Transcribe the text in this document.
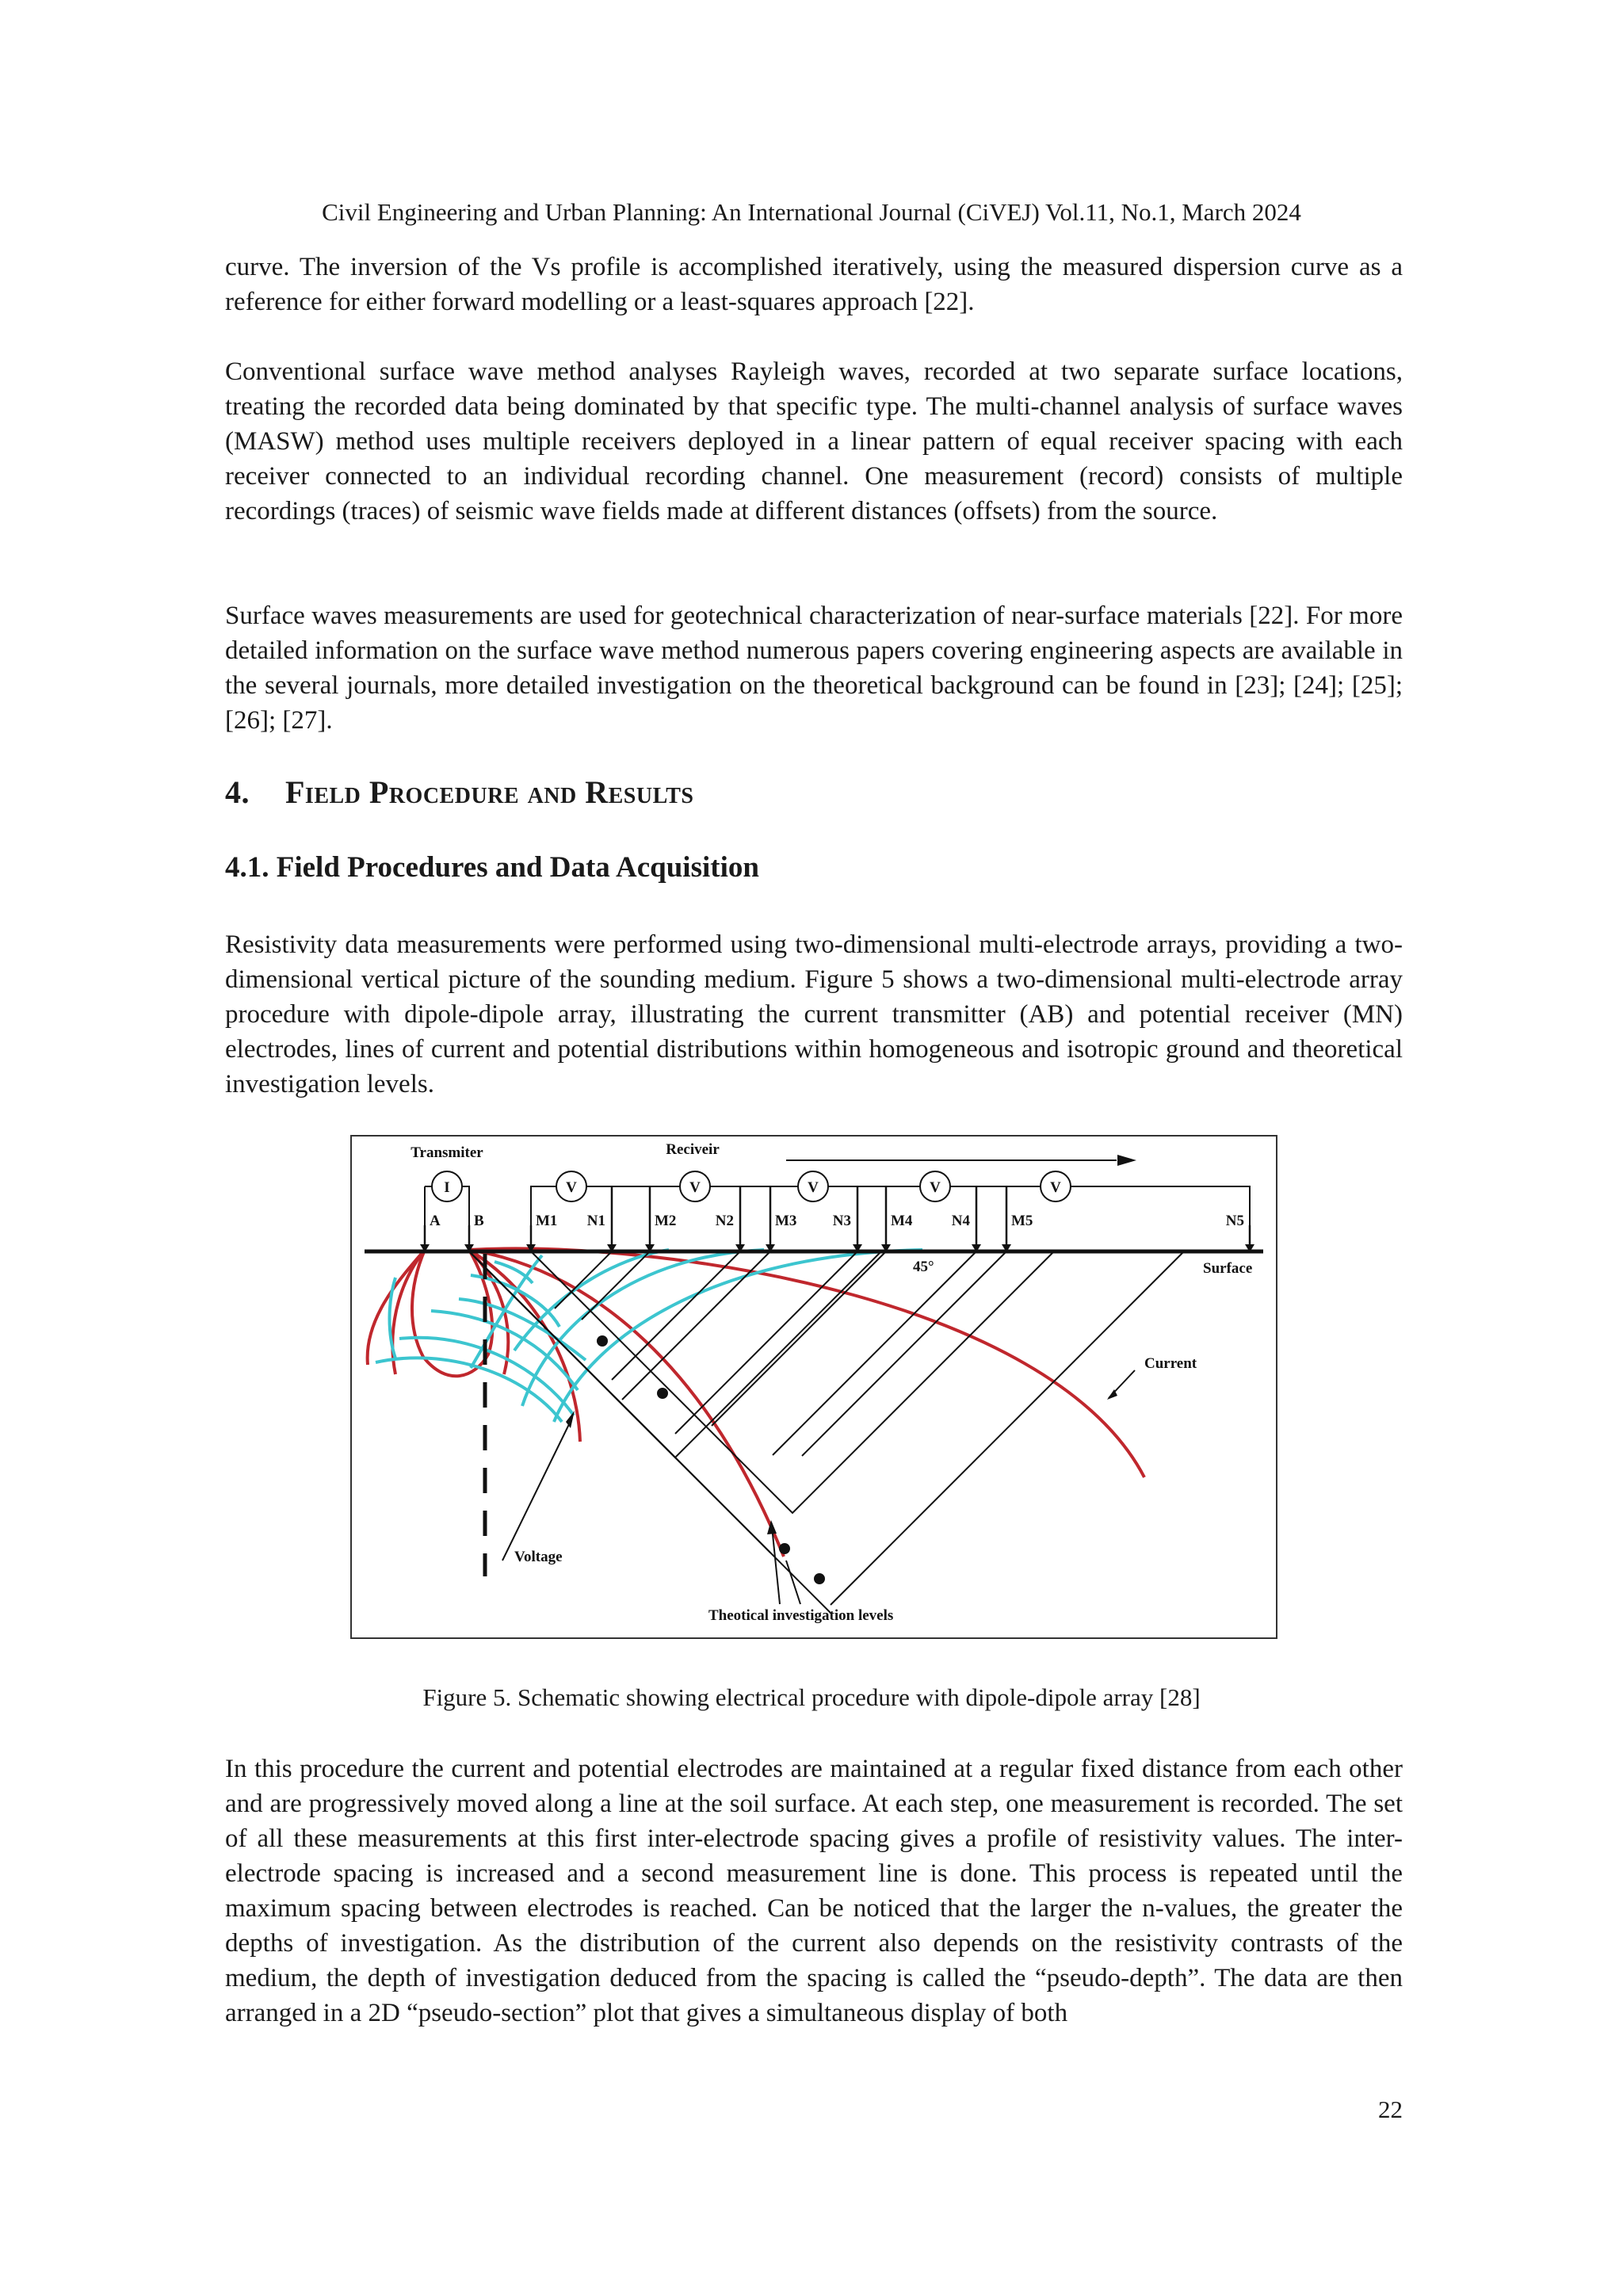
Civil Engineering and Urban Planning: An International Journal (CiVEJ) Vol.11, No.1, March 2024

curve. The inversion of the Vs profile is accomplished iteratively, using the measured dispersion curve as a reference for either forward modelling or a least-squares approach [22].

Conventional surface wave method analyses Rayleigh waves, recorded at two separate surface locations, treating the recorded data being dominated by that specific type. The multi-channel analysis of surface waves (MASW) method uses multiple receivers deployed in a linear pattern of equal receiver spacing with each receiver connected to an individual recording channel. One measurement (record) consists of multiple recordings (traces) of seismic wave fields made at different distances (offsets) from the source.

Surface waves measurements are used for geotechnical characterization of near-surface materials [22]. For more detailed information on the surface wave method numerous papers covering engineering aspects are available in the several journals, more detailed investigation on the theoretical background can be found in [23]; [24]; [25]; [26]; [27].

4. Field Procedure and Results
4.1. Field Procedures and Data Acquisition

Resistivity data measurements were performed using two-dimensional multi-electrode arrays, providing a two-dimensional vertical picture of the sounding medium. Figure 5 shows a two-dimensional multi-electrode array procedure with dipole-dipole array, illustrating the current transmitter (AB) and potential receiver (MN) electrodes, lines of current and potential distributions within homogeneous and isotropic ground and theoretical investigation levels.

I	V	V	V	V	V
Transmiter	Reciveir
A B	M1 N1	M2	N2	M3 N3	M4	N4	M5	N5
45°	Surface
Current
Voltage
Theotical investigation levels

Figure 5. Schematic showing electrical procedure with dipole-dipole array [28]

In this procedure the current and potential electrodes are maintained at a regular fixed distance from each other and are progressively moved along a line at the soil surface. At each step, one measurement is recorded. The set of all these measurements at this first inter-electrode spacing gives a profile of resistivity values. The inter-electrode spacing is increased and a second measurement line is done. This process is repeated until the maximum spacing between electrodes is reached. Can be noticed that the larger the n-values, the greater the depths of investigation. As the distribution of the current also depends on the resistivity contrasts of the medium, the depth of investigation deduced from the spacing is called the “pseudo-depth”. The data are then arranged in a 2D “pseudo-section” plot that gives a simultaneous display of both

22
